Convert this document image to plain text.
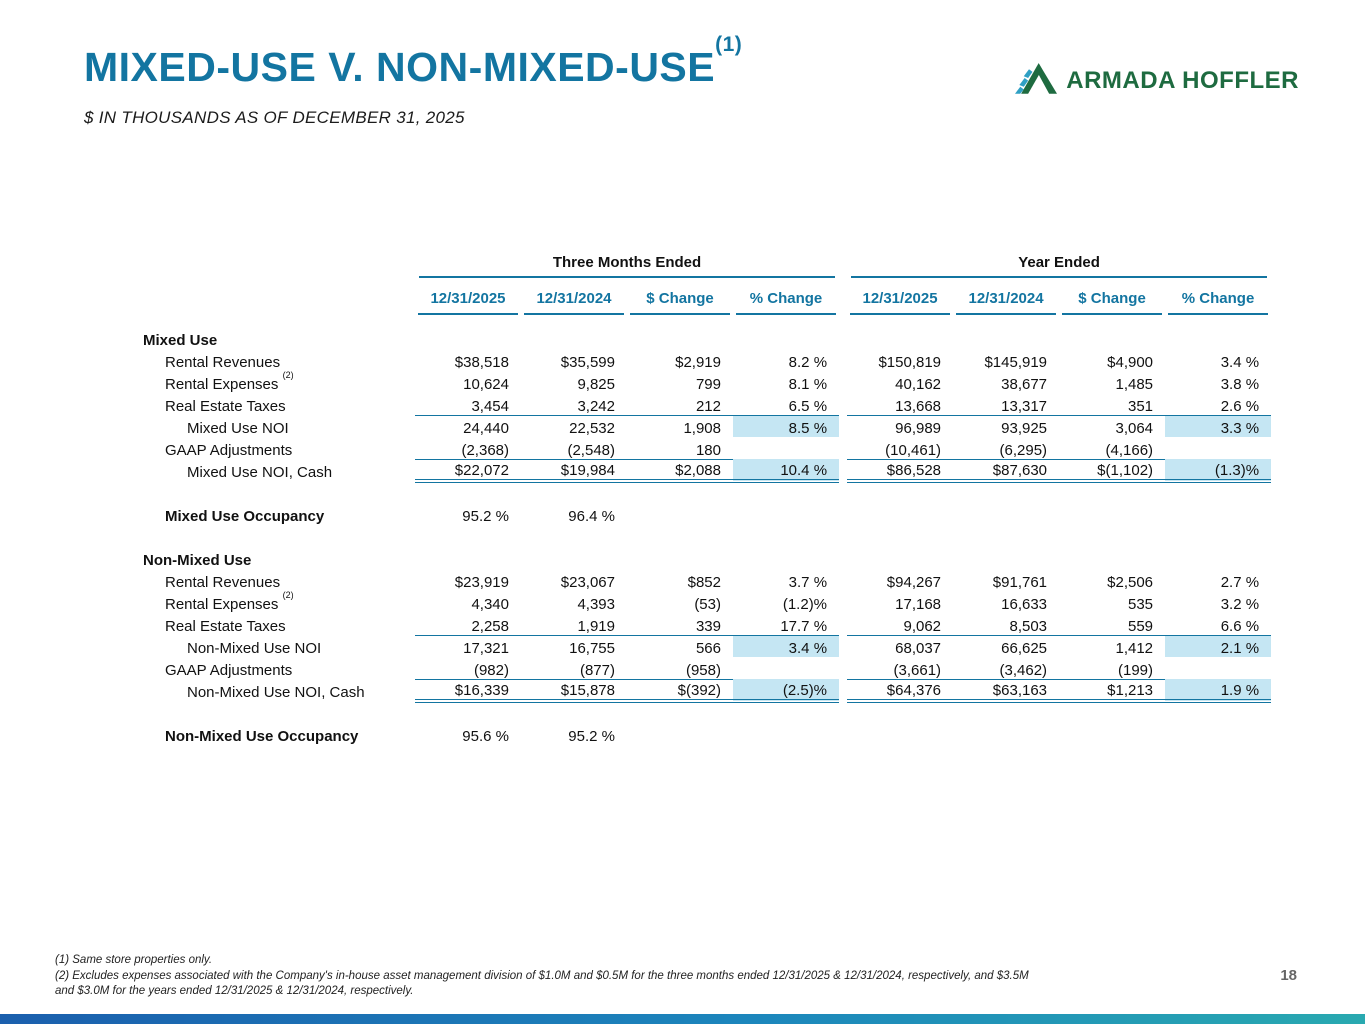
MIXED-USE V. NON-MIXED-USE$^{(1)}$
$ IN THOUSANDS AS OF DECEMBER 31, 2025
ARMADA HOFFLER

	Three Months Ended					Year Ended			

	12/31/2025	12/31/2024	$ Change	% Change		12/31/2025	12/31/2024	$ Change	% Change

Mixed Use									
Rental Revenues	$38,518	$35,599	$2,919	8.2 %		$150,819	$145,919	$4,900	3.4 %
Rental Expenses $^{(2)}$	10,624	9,825	799	8.1 %		40,162	38,677	1,485	3.8 %
Real Estate Taxes	3,454	3,242	212	6.5 %		13,668	13,317	351	2.6 %
Mixed Use NOI	24,440	22,532	1,908	8.5 %		96,989	93,925	3,064	3.3 %
GAAP Adjustments	(2,368)	(2,548)	180			(10,461)	(6,295)	(4,166)	
Mixed Use NOI, Cash	$22,072	$19,984	$2,088	10.4 %		$86,528	$87,630	$(1,102)	(1.3)%

Mixed Use Occupancy	95.2 %	96.4 %							

Non-Mixed Use									
Rental Revenues	$23,919	$23,067	$852	3.7 %		$94,267	$91,761	$2,506	2.7 %
Rental Expenses $^{(2)}$	4,340	4,393	(53)	(1.2)%		17,168	16,633	535	3.2 %
Real Estate Taxes	2,258	1,919	339	17.7 %		9,062	8,503	559	6.6 %
Non-Mixed Use NOI	17,321	16,755	566	3.4 %		68,037	66,625	1,412	2.1 %
GAAP Adjustments	(982)	(877)	(958)			(3,661)	(3,462)	(199)	
Non-Mixed Use NOI, Cash	$16,339	$15,878	$(392)	(2.5)%		$64,376	$63,163	$1,213	1.9 %

Non-Mixed Use Occupancy	95.6 %	95.2 %							

(1) Same store properties only.

(2) Excludes expenses associated with the Company's in-house asset management division of $1.0M and $0.5M for the three months ended 12/31/2025 & 12/31/2024, respectively, and $3.5M and $3.0M for the years ended 12/31/2025 & 12/31/2024, respectively.

18
